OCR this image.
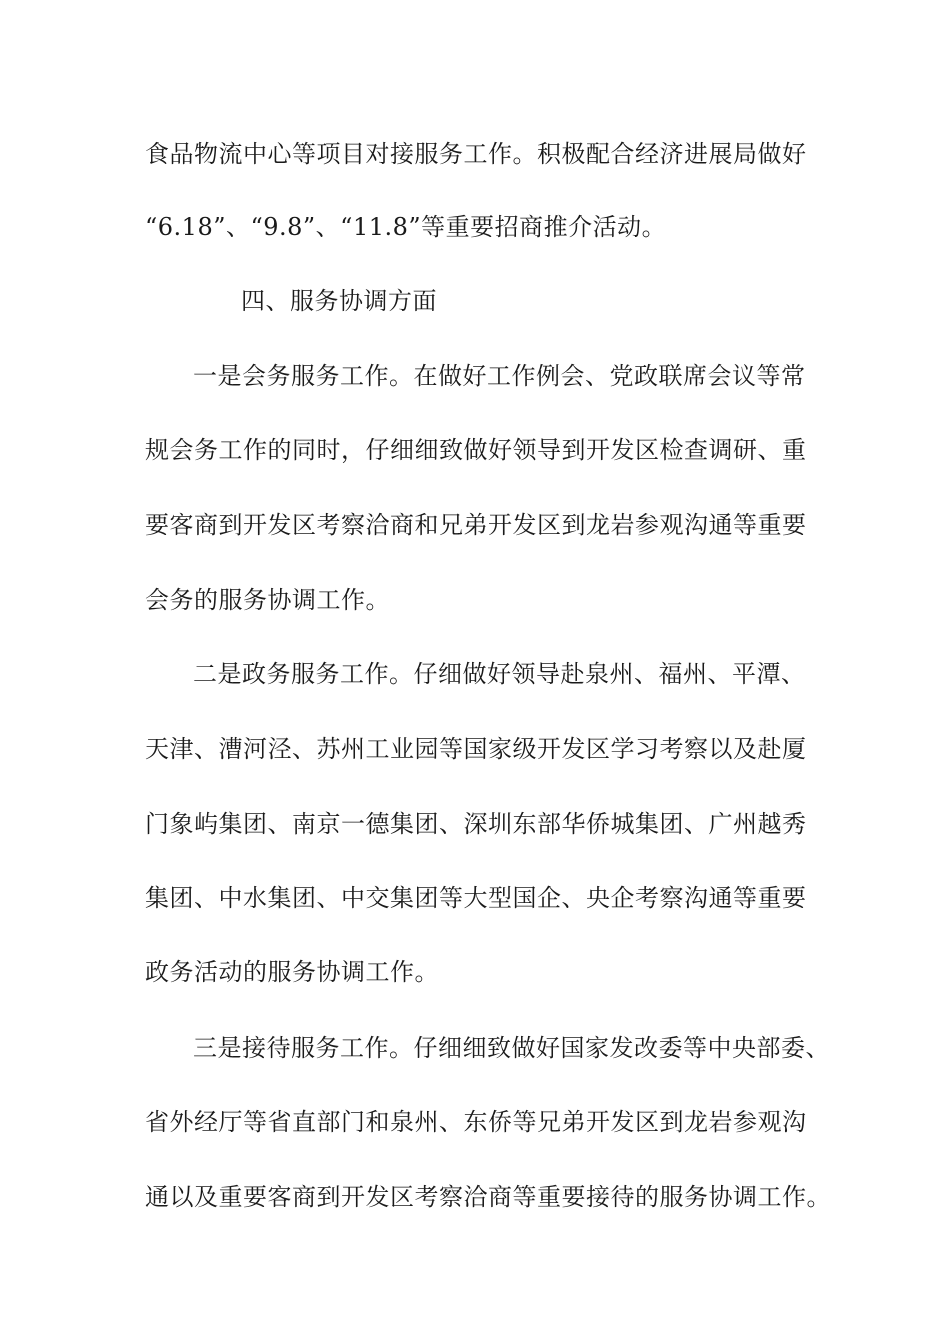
食品物流中心等项目对接服务工作。积极配合经济进展局做好
“6.18”、“9.8”、“11.8”等重要招商推介活动。
四、服务协调方面
一是会务服务工作。在做好工作例会、党政联席会议等常
规会务工作的同时，仔细细致做好领导到开发区检查调研、重
要客商到开发区考察洽商和兄弟开发区到龙岩参观沟通等重要
会务的服务协调工作。
二是政务服务工作。仔细做好领导赴泉州、福州、平潭、
天津、漕河泾、苏州工业园等国家级开发区学习考察以及赴厦
门象屿集团、南京一德集团、深圳东部华侨城集团、广州越秀
集团、中水集团、中交集团等大型国企、央企考察沟通等重要
政务活动的服务协调工作。
三是接待服务工作。仔细细致做好国家发改委等中央部委、
省外经厅等省直部门和泉州、东侨等兄弟开发区到龙岩参观沟
通以及重要客商到开发区考察洽商等重要接待的服务协调工作。
